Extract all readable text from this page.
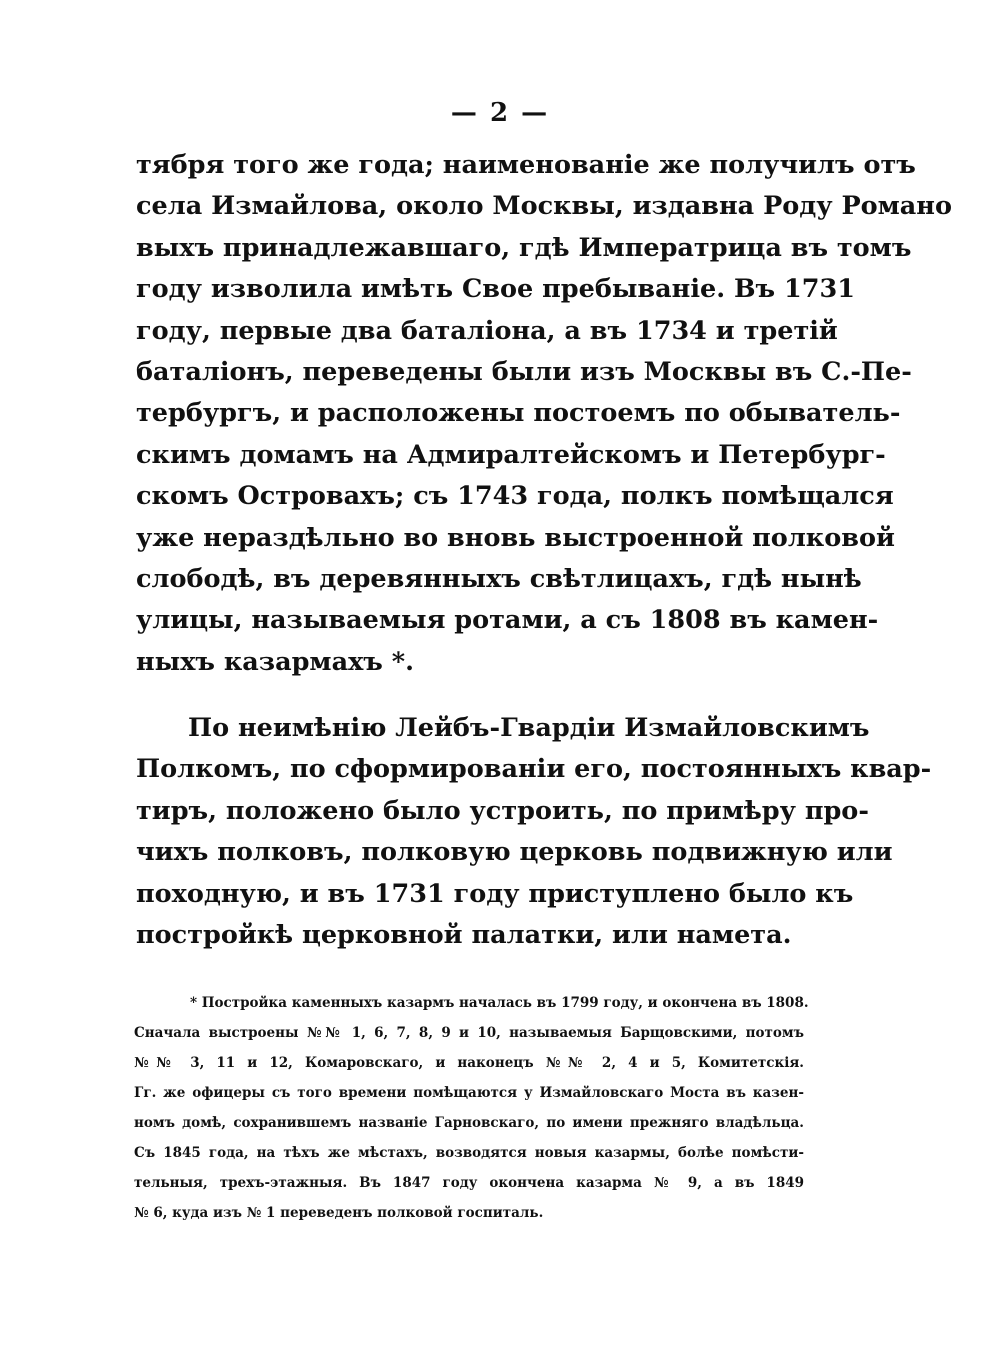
— 2 —
тября того же года; наименованіе же получилъ отъ
села Измайлова, около Москвы, издавна Роду Романо
выхъ принадлежавшаго, гдѣ Императрица въ томъ
году изволила имѣть Свое пребываніе. Въ 1731
году, первые два баталіона, а въ 1734 и третій
баталіонъ, переведены были изъ Москвы въ С.-Пе-
тербургъ, и расположены постоемъ по обыватель-
скимъ домамъ на Адмиралтейскомъ и Петербург-
скомъ Островахъ; съ 1743 года, полкъ помѣщался
уже нераздѣльно во вновь выстроенной полковой
слободѣ, въ деревянныхъ свѣтлицахъ, гдѣ нынѣ
улицы, называемыя ротами, а съ 1808 въ камен-
ныхъ казармахъ *.
По неимѣнію Лейбъ-Гвардіи Измайловскимъ
Полкомъ, по сформированіи его, постоянныхъ квар-
тиръ, положено было устроить, по примѣру про-
чихъ полковъ, полковую церковь подвижную или
походную, и въ 1731 году приступлено было къ
постройкѣ церковной палатки, или намета.
* Постройка каменныхъ казармъ началась въ 1799 году, и окончена въ 1808.
Сначала выстроены №№ 1, 6, 7, 8, 9 и 10, называемыя Барщовскими, потомъ
№№ 3, 11 и 12, Комаровскаго, и наконецъ №№ 2, 4 и 5, Комитетскія.
Гг. же офицеры съ того времени помѣщаются у Измайловскаго Моста въ казен-
номъ домѣ, сохранившемъ названіе Гарновскаго, по имени прежняго владѣльца.
Съ 1845 года, на тѣхъ же мѣстахъ, возводятся новыя казармы, болѣе помѣсти-
тельныя, трехъ-этажныя. Въ 1847 году окончена казарма № 9, а въ 1849
№ 6, куда изъ № 1 переведенъ полковой госпиталь.
